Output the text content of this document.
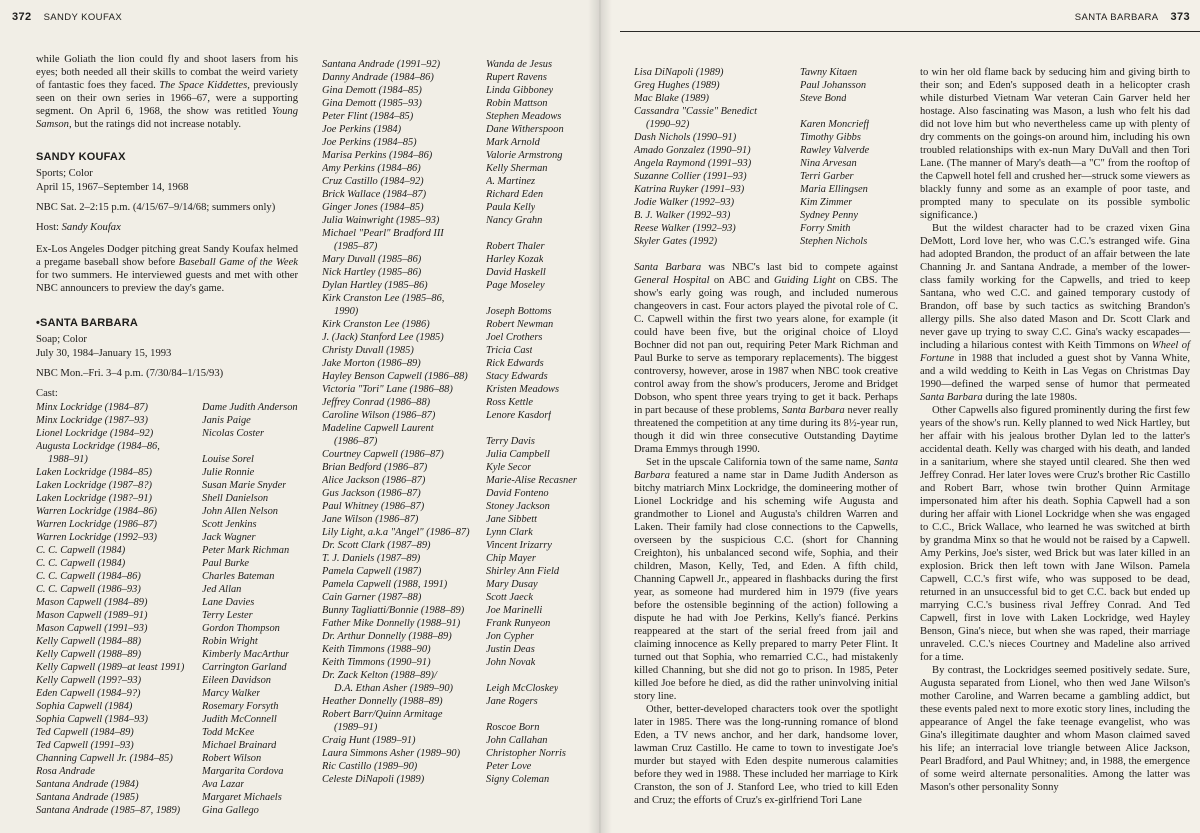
372 SANDY KOUFAX

while Goliath the lion could fly and shoot lasers from his eyes; both needed all their skills to combat the weird variety of fantastic foes they faced. The Space Kiddettes, previously seen on their own series in 1966–67, were a supporting segment. On April 6, 1968, the show was retitled Young Samson, but the ratings did not increase notably.

SANDY KOUFAX
Sports; Color
April 15, 1967–September 14, 1968
NBC Sat. 2–2:15 p.m. (4/15/67–9/14/68; summers only)
Host: Sandy Koufax

Ex-Los Angeles Dodger pitching great Sandy Koufax helmed a pregame baseball show before Baseball Game of the Week for two summers. He interviewed guests and met with other NBC announcers to preview the day's game.

•SANTA BARBARA
Soap; Color
July 30, 1984–January 15, 1993
NBC Mon.–Fri. 3–4 p.m. (7/30/84–1/15/93)
Cast:
Minx Lockridge (1984–87)	Dame Judith Anderson
Minx Lockridge (1987–93)	Janis Paige
Lionel Lockridge (1984–92)	Nicolas Coster
Augusta Lockridge (1984–86,
1988–91)	Louise Sorel
Laken Lockridge (1984–85)	Julie Ronnie
Laken Lockridge (1987–8?)	Susan Marie Snyder
Laken Lockridge (198?–91)	Shell Danielson
Warren Lockridge (1984–86)	John Allen Nelson
Warren Lockridge (1986–87)	Scott Jenkins
Warren Lockridge (1992–93)	Jack Wagner
C. C. Capwell (1984)	Peter Mark Richman
C. C. Capwell (1984)	Paul Burke
C. C. Capwell (1984–86)	Charles Bateman
C. C. Capwell (1986–93)	Jed Allan
Mason Capwell (1984–89)	Lane Davies
Mason Capwell (1989–91)	Terry Lester
Mason Capwell (1991–93)	Gordon Thompson
Kelly Capwell (1984–88)	Robin Wright
Kelly Capwell (1988–89)	Kimberly MacArthur
Kelly Capwell (1989–at least 1991)	Carrington Garland
Kelly Capwell (199?–93)	Eileen Davidson
Eden Capwell (1984–9?)	Marcy Walker
Sophia Capwell (1984)	Rosemary Forsyth
Sophia Capwell (1984–93)	Judith McConnell
Ted Capwell (1984–89)	Todd McKee
Ted Capwell (1991–93)	Michael Brainard
Channing Capwell Jr. (1984–85)	Robert Wilson
Rosa Andrade	Margarita Cordova
Santana Andrade (1984)	Ava Lazar
Santana Andrade (1985)	Margaret Michaels
Santana Andrade (1985–87, 1989)	Gina Gallego
Santana Andrade (1991–92)	Wanda de Jesus
Danny Andrade (1984–86)	Rupert Ravens
Gina Demott (1984–85)	Linda Gibboney
Gina Demott (1985–93)	Robin Mattson
Peter Flint (1984–85)	Stephen Meadows
Joe Perkins (1984)	Dane Witherspoon
Joe Perkins (1984–85)	Mark Arnold
Marisa Perkins (1984–86)	Valorie Armstrong
Amy Perkins (1984–86)	Kelly Sherman
Cruz Castillo (1984–92)	A. Martinez
Brick Wallace (1984–87)	Richard Eden
Ginger Jones (1984–85)	Paula Kelly
Julia Wainwright (1985–93)	Nancy Grahn
Michael "Pearl" Bradford III
(1985–87)	Robert Thaler
Mary Duvall (1985–86)	Harley Kozak
Nick Hartley (1985–86)	David Haskell
Dylan Hartley (1985–86)	Page Moseley
Kirk Cranston Lee (1985–86,
1990)	Joseph Bottoms
Kirk Cranston Lee (1986)	Robert Newman
J. (Jack) Stanford Lee (1985)	Joel Crothers
Christy Duvall (1985)	Tricia Cast
Jake Morton (1986–89)	Rick Edwards
Hayley Benson Capwell (1986–88)	Stacy Edwards
Victoria "Tori" Lane (1986–88)	Kristen Meadows
Jeffrey Conrad (1986–88)	Ross Kettle
Caroline Wilson (1986–87)	Lenore Kasdorf
Madeline Capwell Laurent
(1986–87)	Terry Davis
Courtney Capwell (1986–87)	Julia Campbell
Brian Bedford (1986–87)	Kyle Secor
Alice Jackson (1986–87)	Marie-Alise Recasner
Gus Jackson (1986–87)	David Fonteno
Paul Whitney (1986–87)	Stoney Jackson
Jane Wilson (1986–87)	Jane Sibbett
Lily Light, a.k.a "Angel" (1986–87)	Lynn Clark
Dr. Scott Clark (1987–89)	Vincent Irizarry
T. J. Daniels (1987–89)	Chip Mayer
Pamela Capwell (1987)	Shirley Ann Field
Pamela Capwell (1988, 1991)	Mary Dusay
Cain Garner (1987–88)	Scott Jaeck
Bunny Tagliatti/Bonnie (1988–89)	Joe Marinelli
Father Mike Donnelly (1988–91)	Frank Runyeon
Dr. Arthur Donnelly (1988–89)	Jon Cypher
Keith Timmons (1988–90)	Justin Deas
Keith Timmons (1990–91)	John Novak
Dr. Zack Kelton (1988–89)/
D.A. Ethan Asher (1989–90)	Leigh McCloskey
Heather Donnelly (1988–89)	Jane Rogers
Robert Barr/Quinn Armitage
(1989–91)	Roscoe Born
Craig Hunt (1989–91)	John Callahan
Laura Simmons Asher (1989–90)	Christopher Norris
Ric Castillo (1989–90)	Peter Love
Celeste DiNapoli (1989)	Signy Coleman
SANTA BARBARA 373
Lisa DiNapoli (1989)	Tawny Kitaen
Greg Hughes (1989)	Paul Johansson
Mac Blake (1989)	Steve Bond
Cassandra "Cassie" Benedict
(1990–92)	Karen Moncrieff
Dash Nichols (1990–91)	Timothy Gibbs
Amado Gonzalez (1990–91)	Rawley Valverde
Angela Raymond (1991–93)	Nina Arvesan
Suzanne Collier (1991–93)	Terri Garber
Katrina Ruyker (1991–93)	Maria Ellingsen
Jodie Walker (1992–93)	Kim Zimmer
B. J. Walker (1992–93)	Sydney Penny
Reese Walker (1992–93)	Forry Smith
Skyler Gates (1992)	Stephen Nichols

Santa Barbara was NBC's last bid to compete against General Hospital on ABC and Guiding Light on CBS. The show's early going was rough, and included numerous changeovers in cast. Four actors played the pivotal role of C. C. Capwell within the first two years alone, for example (it could have been five, but the original choice of Lloyd Bochner did not pan out, requiring Peter Mark Richman and Paul Burke to serve as temporary replacements). The biggest controversy, however, arose in 1987 when NBC took creative control away from the show's producers, Jerome and Bridget Dobson, who spent three years trying to get it back. Perhaps in part because of these problems, Santa Barbara never really threatened the competition at any time during its 8½-year run, though it did win three consecutive Outstanding Daytime Drama Emmys through 1990.

Set in the upscale California town of the same name, Santa Barbara featured a name star in Dame Judith Anderson as bitchy matriarch Minx Lockridge, the domineering mother of Lionel Lockridge and his scheming wife Augusta and grandmother to Lionel and Augusta's children Warren and Laken. Their family had close connections to the Capwells, overseen by the suspicious C.C. (short for Channing Creighton), his unbalanced second wife, Sophia, and their children, Mason, Kelly, Ted, and Eden. A fifth child, Channing Capwell Jr., appeared in flashbacks during the first year, as someone had murdered him in 1979 (five years before the ostensible beginning of the action) following a dispute he had with Joe Perkins, Kelly's fiancé. Perkins reappeared at the start of the serial freed from jail and claiming innocence as Kelly prepared to marry Peter Flint. It turned out that Sophia, who remarried C.C., had mistakenly killed Channing, but she did not go to prison. In 1985, Peter killed Joe before he died, as did the rather uninvolving initial story line.

Other, better-developed characters took over the spotlight later in 1985. There was the long-running romance of blond Eden, a TV news anchor, and her dark, handsome lover, lawman Cruz Castillo. He came to town to investigate Joe's murder but stayed with Eden despite numerous calamities before they wed in 1988. These included her marriage to Kirk Cranston, the son of J. Stanford Lee, who tried to kill Eden and Cruz; the efforts of Cruz's ex-girlfriend Tori Lane

to win her old flame back by seducing him and giving birth to their son; and Eden's supposed death in a helicopter crash while disturbed Vietnam War veteran Cain Garver held her hostage. Also fascinating was Mason, a lush who felt his dad did not love him but who nevertheless came up with plenty of dry comments on the goings-on around him, including his own troubled relationships with ex-nun Mary DuVall and then Tori Lane. (The manner of Mary's death—a "C" from the rooftop of the Capwell hotel fell and crushed her—struck some viewers as blackly funny and some as an example of poor taste, and prompted many to speculate on its possible symbolic significance.)

But the wildest character had to be crazed vixen Gina DeMott, Lord love her, who was C.C.'s estranged wife. Gina had adopted Brandon, the product of an affair between the late Channing Jr. and Santana Andrade, a member of the lower-class family working for the Capwells, and tried to keep Santana, who wed C.C. and gained temporary custody of Brandon, off base by such tactics as switching Brandon's allergy pills. She also dated Mason and Dr. Scott Clark and never gave up trying to sway C.C. Gina's wacky escapades—including a hilarious contest with Keith Timmons on Wheel of Fortune in 1988 that included a guest shot by Vanna White, and a wild wedding to Keith in Las Vegas on Christmas Day 1990—defined the warped sense of humor that permeated Santa Barbara during the late 1980s.

Other Capwells also figured prominently during the first few years of the show's run. Kelly planned to wed Nick Hartley, but her affair with his jealous brother Dylan led to the latter's accidental death. Kelly was charged with his death, and landed in a sanitarium, where she stayed until cleared. She then wed Jeffrey Conrad. Her later loves were Cruz's brother Ric Castillo and Robert Barr, whose twin brother Quinn Armitage impersonated him after his death. Sophia Capwell had a son during her affair with Lionel Lockridge when she was engaged to C.C., Brick Wallace, who learned he was switched at birth by grandma Minx so that he would not be raised by a Capwell. Amy Perkins, Joe's sister, wed Brick but was later killed in an explosion. Brick then left town with Jane Wilson. Pamela Capwell, C.C.'s first wife, who was supposed to be dead, returned in an unsuccessful bid to get C.C. back but ended up marrying C.C.'s business rival Jeffrey Conrad. And Ted Capwell, first in love with Laken Lockridge, wed Hayley Benson, Gina's niece, but when she was raped, their marriage unraveled. C.C.'s nieces Courtney and Madeline also arrived for a time.

By contrast, the Lockridges seemed positively sedate. Sure, Augusta separated from Lionel, who then wed Jane Wilson's mother Caroline, and Warren became a gambling addict, but these events paled next to more exotic story lines, including the appearance of Angel the fake teenage evangelist, who was Gina's illegitimate daughter and whom Mason claimed saved his life; an interracial love triangle between Alice Jackson, Pearl Bradford, and Paul Whitney; and, in 1988, the emergence of some weird alternate personalities. Among the latter was Mason's other personality Sonny
